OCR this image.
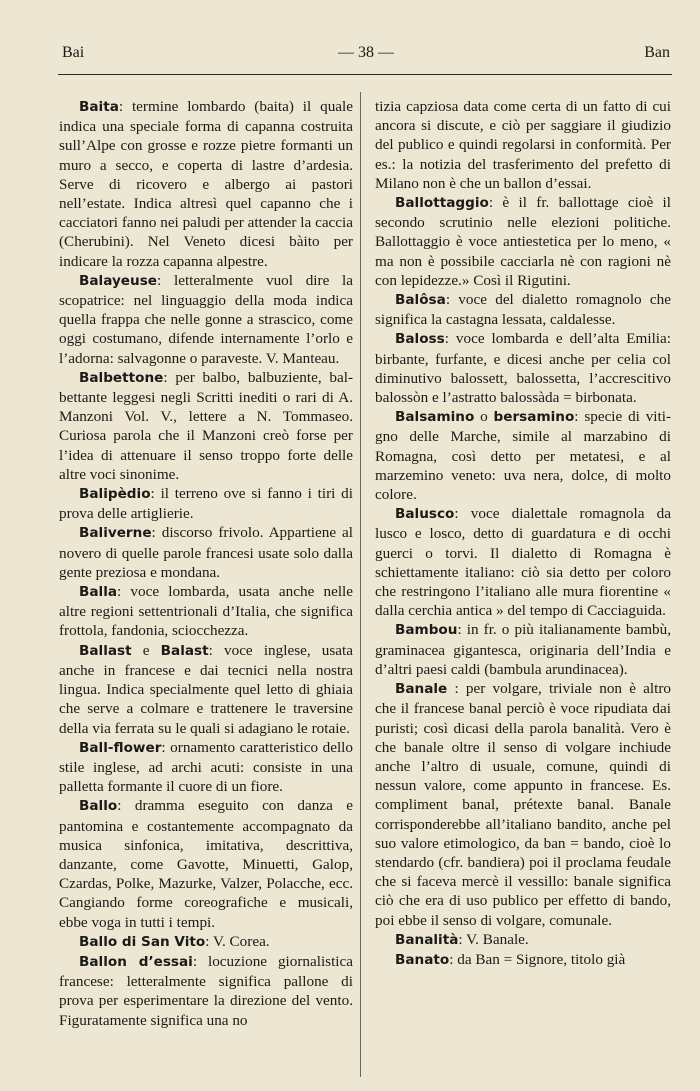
Bai	— 38 —	Ban

Baita: termine lombardo (baita) il quale indica una speciale forma di capanna costruita sull’Alpe con grosse e rozze pietre formanti un muro a secco, e coperta di lastre d’ardesia. Serve di ricovero e albergo ai pastori nell’estate. Indica altresì quel capanno che i cacciatori fanno nei paludi per attender la caccia (Cherubini). Nel Veneto dicesi bàito per indicare la rozza capanna alpestre.

Balayeuse: letteralmente vuol dire la scopatrice: nel linguaggio della moda indica quella frappa che nelle gonne a strascico, come oggi costumano, difende internamente l’orlo e l’adorna: salvagonne o paraveste. V. Manteau.

Balbettone: per balbo, balbuziente, balbettante leggesi negli Scritti inediti o rari di A. Manzoni Vol. V., lettere a N. Tommaseo. Curiosa parola che il Manzoni creò forse per l’idea di attenuare il senso troppo forte delle altre voci sinonime.

Balipèdio: il terreno ove si fanno i tiri di prova delle artiglierie.

Baliverne: discorso frivolo. Appartiene al novero di quelle parole francesi usate solo dalla gente preziosa e mondana.

Balla: voce lombarda, usata anche nelle altre regioni settentrionali d’Italia, che significa frottola, fandonia, sciocchezza.

Ballast e Balast: voce inglese, usata anche in francese e dai tecnici nella nostra lingua. Indica specialmente quel letto di ghiaia che serve a colmare e trattenere le traversine della via ferrata su le quali si adagiano le rotaie.

Ball-flower: ornamento caratteristico dello stile inglese, ad archi acuti: consiste in una palletta formante il cuore di un fiore.

Ballo: dramma eseguito con danza e pantomina e costantemente accompagnato da musica sinfonica, imitativa, descrittiva, danzante, come Gavotte, Minuetti, Galop, Czardas, Polke, Mazurke, Valzer, Polacche, ecc. Cangiando forme coreografiche e musicali, ebbe voga in tutti i tempi.

Ballo di San Vito: V. Corea.

Ballon d’essai: locuzione giornalistica francese: letteralmente significa pallone di prova per esperimentare la direzione del vento. Figuratamente significa una no

tizia capziosa data come certa di un fatto di cui ancora si discute, e ciò per saggiare il giudizio del publico e quindi regolarsi in conformità. Per es.: la notizia del trasferimento del prefetto di Milano non è che un ballon d’essai.

Ballottaggio: è il fr. ballottage cioè il secondo scrutinio nelle elezioni politiche. Ballottaggio è voce antiestetica per lo meno, « ma non è possibile cacciarla nè con ragioni nè con lepidezze.» Così il Rigutini.

Balôsa: voce del dialetto romagnolo che significa la castagna lessata, caldalesse.

Baloss: voce lombarda e dell’alta Emilia: birbante, furfante, e dicesi anche per celia col diminutivo balossett, balossetta, l’accrescitivo balossòn e l’astratto balossàda = birbonata.

Balsamino o bersamino: specie di vitigno delle Marche, simile al marzabino di Romagna, così detto per metatesi, e al marzemino veneto: uva nera, dolce, di molto colore.

Balusco: voce dialettale romagnola da lusco e losco, detto di guardatura e di occhi guerci o torvi. Il dialetto di Romagna è schiettamente italiano: ciò sia detto per coloro che restringono l’italiano alle mura fiorentine « dalla cerchia antica » del tempo di Cacciaguida.

Bambou: in fr. o più italianamente bambù, graminacea gigantesca, originaria dell’India e d’altri paesi caldi (bambula arundinacea).

Banale : per volgare, triviale non è altro che il francese banal perciò è voce ripudiata dai puristi; così dicasi della parola banalità. Vero è che banale oltre il senso di volgare inchiude anche l’altro di usuale, comune, quindi di nessun valore, come appunto in francese. Es. compliment banal, prétexte banal. Banale corrisponderebbe all’italiano bandito, anche pel suo valore etimologico, da ban = bando, cioè lo stendardo (cfr. bandiera) poi il proclama feudale che si faceva mercè il vessillo: banale significa ciò che era di uso publico per effetto di bando, poi ebbe il senso di volgare, comunale.

Banalità: V. Banale.

Banato: da Ban = Signore, titolo già
